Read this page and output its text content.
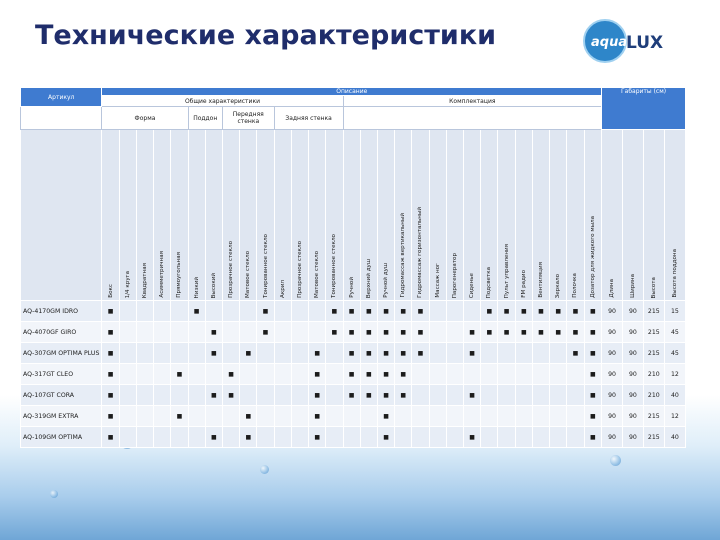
Технические характеристики	aqua
LUX
Артикул	Описание																													Габариты (см)			
	Общие характеристики														Комплектация																		
	Форма					Поддон		Передняя стенка			Задняя стенка																						
	Бокс	1/4 круга	Квадратная	Асимметричная	Прямоугольная	Низкий	Высокий	Прозрачное стекло	Матовое стекло	Тонированное стекло	Акрил	Прозрачное стекло	Матовое стекло	Тонированное стекло	Ручной	Верхний душ	Ручной душ	Гидромассаж вертикальный	Гидромассаж горизонтальный	Массаж ног	Парогенератор	Сиденье	Подсветка	Пульт управления	FM радио	Вентиляция	Зеркало	Полочка	Дозатор для жидкого мыла	Длина	Ширина	Высота	Высота поддона
AQ-4170GM IDRO	■					■				■				■	■	■	■	■	■				■	■	■	■	■	■	■	90	90	215	15
AQ-4070GF GIRO	■						■			■				■	■	■	■	■	■			■	■	■	■	■	■	■	■	90	90	215	45
AQ-307GM OPTIMA PLUS	■						■		■				■		■	■	■	■	■			■						■	■	90	90	215	45
AQ-317GT CLEO	■				■			■					■		■	■	■	■											■	90	90	210	12
AQ-107GT CORA	■						■	■					■		■	■	■	■				■							■	90	90	210	40
AQ-319GM EXTRA	■				■				■				■				■												■	90	90	215	12
AQ-109GM OPTIMA	■						■		■				■				■					■							■	90	90	215	40
